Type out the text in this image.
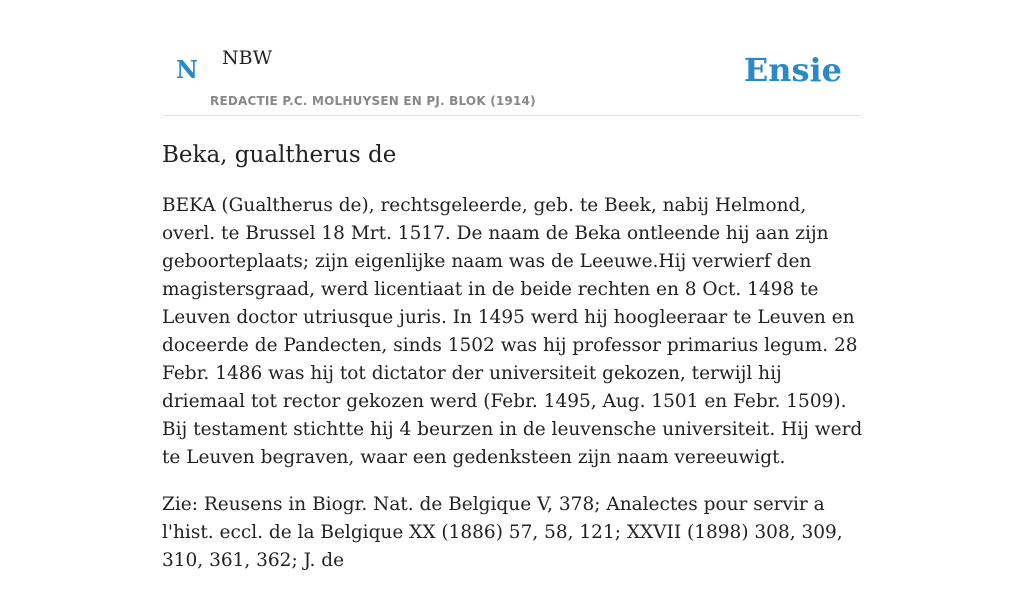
N NBW
REDACTIE P.C. MOLHUYSEN EN PJ. BLOK (1914)
Ensie
Beka, gualtherus de

BEKA (Gualtherus de), rechtsgeleerde, geb. te Beek, nabij Helmond, overl. te Brussel 18 Mrt. 1517. De naam de Beka ontleende hij aan zijn geboorteplaats; zijn eigenlijke naam was de Leeuwe.Hij verwierf den magistersgraad, werd licentiaat in de beide rechten en 8 Oct. 1498 te Leuven doctor utriusque juris. In 1495 werd hij hoogleeraar te Leuven en doceerde de Pandecten, sinds 1502 was hij professor primarius legum. 28 Febr. 1486 was hij tot dictator der universiteit gekozen, terwijl hij driemaal tot rector gekozen werd (Febr. 1495, Aug. 1501 en Febr. 1509). Bij testament stichtte hij 4 beurzen in de leuvensche universiteit. Hij werd te Leuven begraven, waar een gedenksteen zijn naam vereeuwigt.

Zie: Reusens in Biogr. Nat. de Belgique V, 378; Analectes pour servir a l'hist. eccl. de la Belgique XX (1886) 57, 58, 121; XXVII (1898) 308, 309, 310, 361, 362; J. de
